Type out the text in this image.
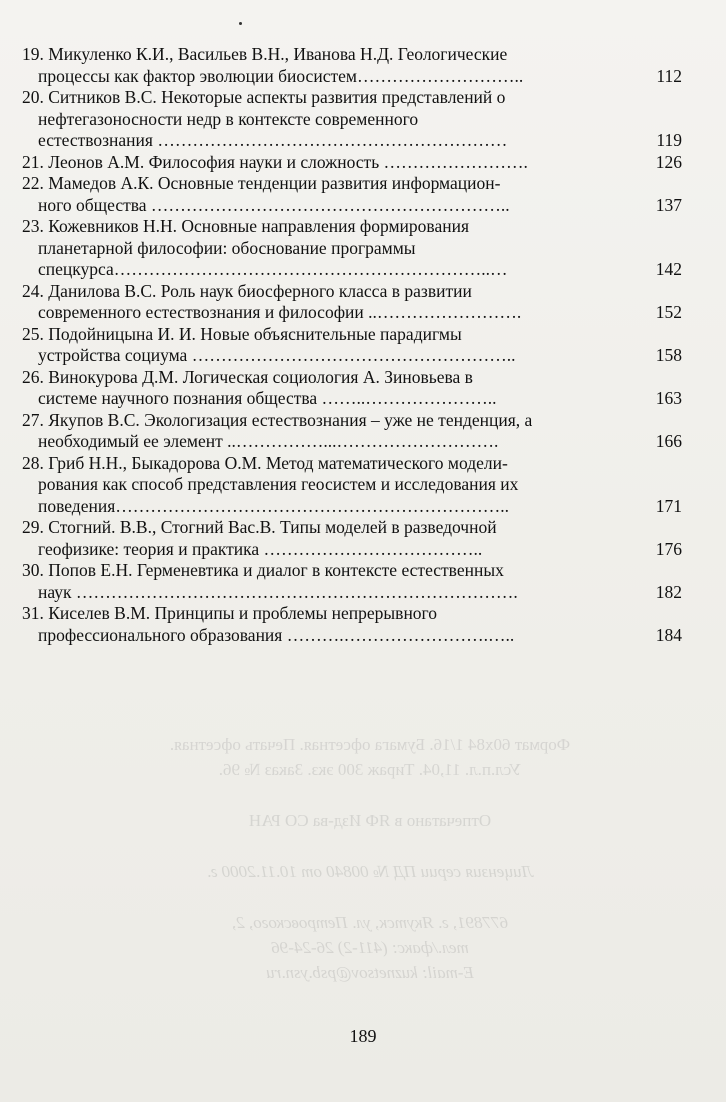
Формат 60х84 1/16. Бумага офсетная. Печать офсетная.
Усл.п.л. 11,04. Тираж 300 экз. Заказ № 96.
Отпечатано в ЯФ Изд-ва СО РАН
Лицензия серии ПД № 00840 от 10.11.2000 г.
677891, г. Якутск, ул. Петровского, 2,
тел./факс: (411-2) 26-24-96
E-mail: kuznetsov@psb.ysn.ru
19. Микуленко К.И., Васильев В.Н., Иванова Н.Д. Геологические
процессы как фактор эволюции биосистем………………………..	112
20. Ситников В.С. Некоторые аспекты развития представлений о
нефтегазоносности недр в контексте современного
естествознания ……………………………………………………	119
21. Леонов А.М. Философия науки и сложность …………………….	126
22. Мамедов А.К. Основные тенденции развития информацион-
ного общества ……………………………………………………..	137
23. Кожевников Н.Н. Основные направления формирования
планетарной философии: обоснование программы
спецкурса………………………………………………………..…	142
24. Данилова В.С. Роль наук биосферного класса в развитии
современного естествознания и философии ..…………………….	152
25. Подойницына И. И. Новые объяснительные парадигмы
устройства социума ………………………………………………..	158
26. Винокурова Д.М. Логическая социология А. Зиновьева в
системе научного познания общества ……..…………………..	163
27. Якупов В.С. Экологизация естествознания – уже не тенденция, а
необходимый ее элемент ..……………...……………………….	166
28. Гриб Н.Н., Быкадорова О.М. Метод математического модели-
рования как способ представления геосистем и исследования их
поведения…………………………………………………………..	171
29. Стогний. В.В., Стогний Вас.В. Типы моделей в разведочной
геофизике: теория и практика ………………………………..	176
30. Попов Е.Н. Герменевтика и диалог в контексте естественных
наук ………………………………………………………………….	182
31. Киселев В.М. Принципы и проблемы непрерывного
профессионального образования ……….…………………….…..	184
189
